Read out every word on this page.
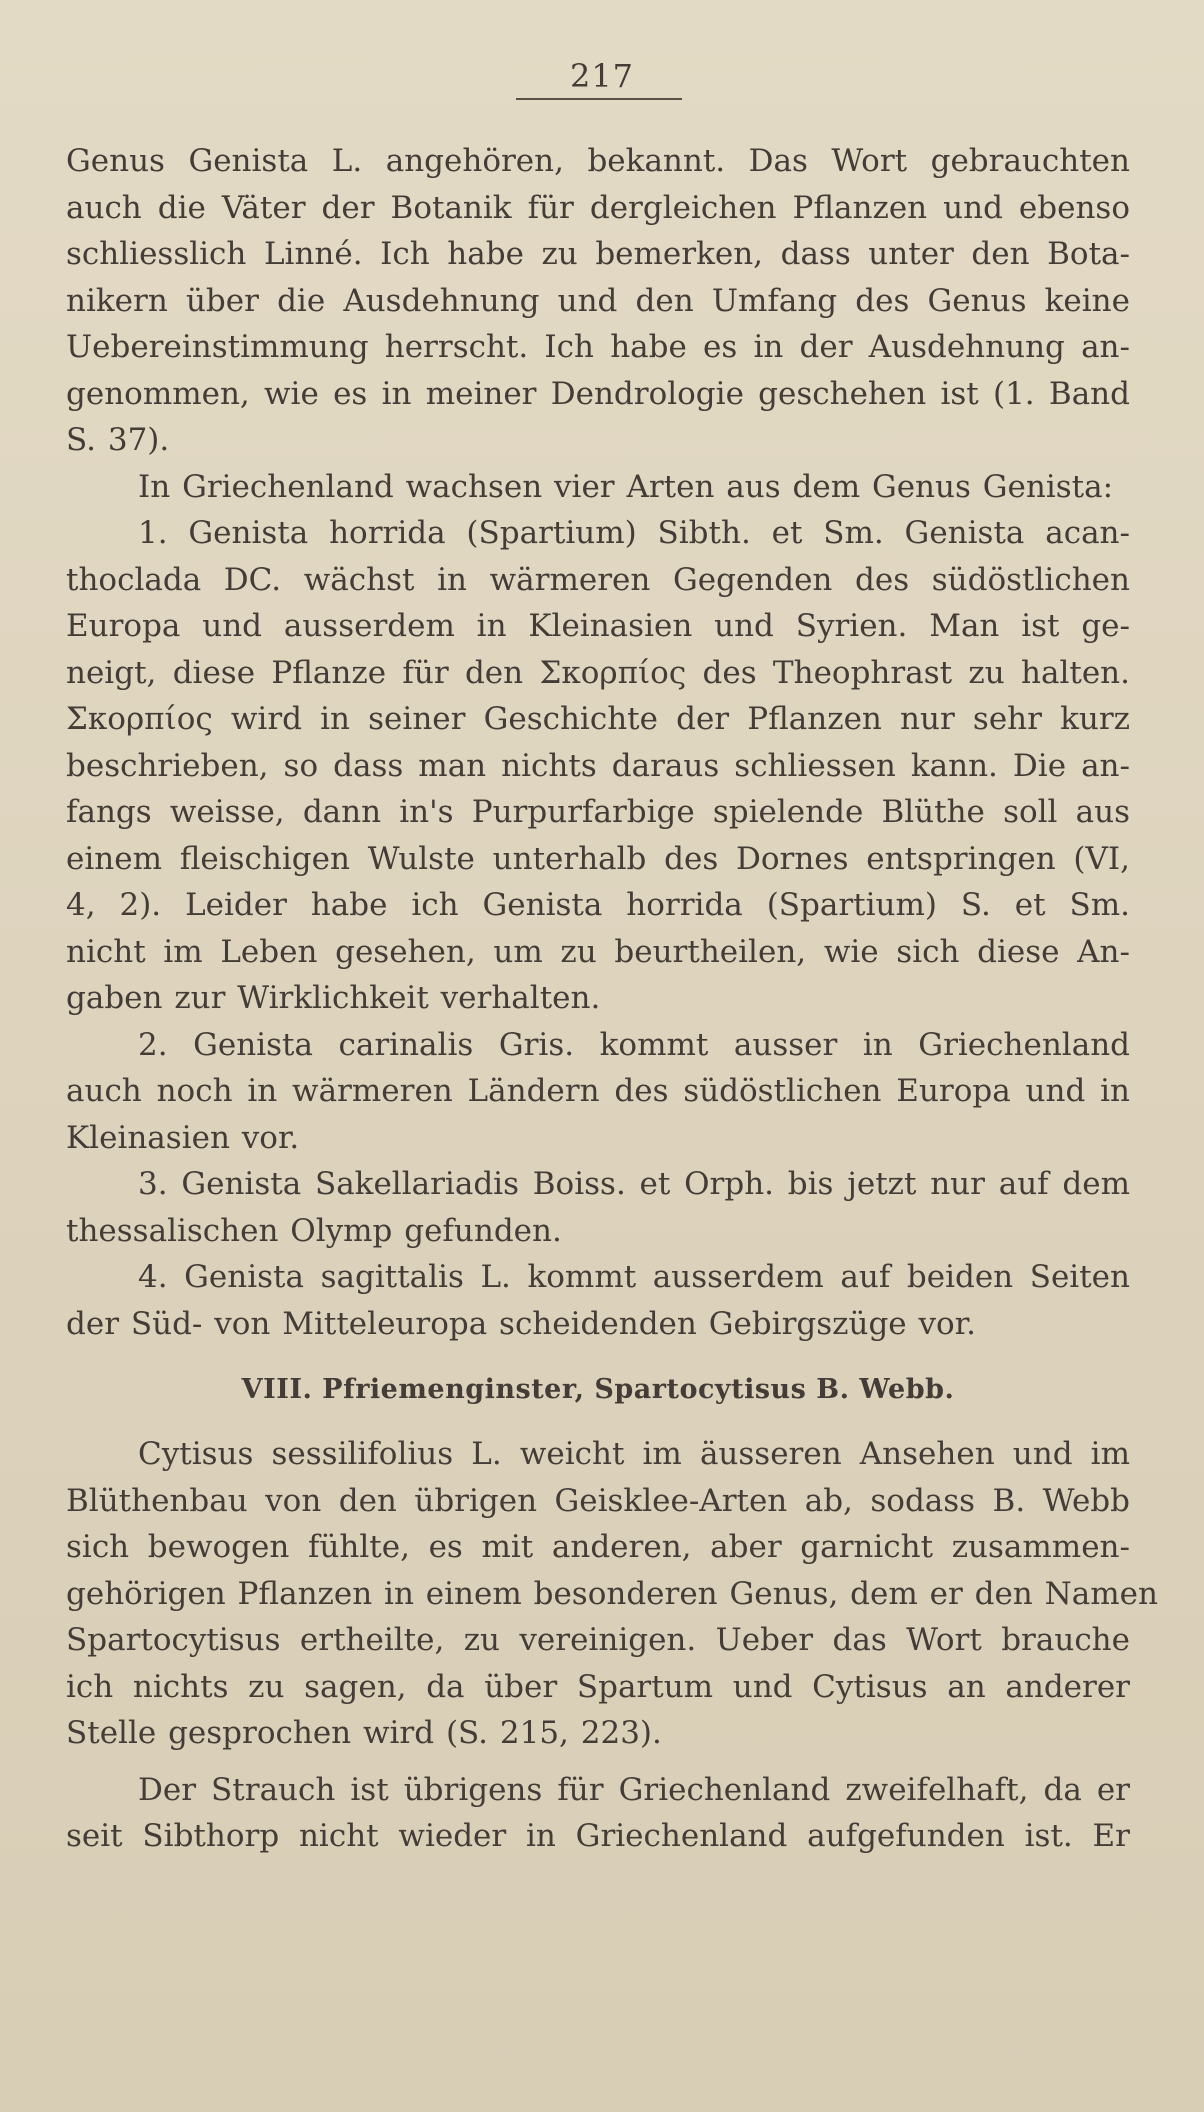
217
Genus Genista L. angehören, bekannt. Das Wort gebrauchten
auch die Väter der Botanik für dergleichen Pflanzen und ebenso
schliesslich Linné. Ich habe zu bemerken, dass unter den Bota-
nikern über die Ausdehnung und den Umfang des Genus keine
Uebereinstimmung herrscht. Ich habe es in der Ausdehnung an-
genommen, wie es in meiner Dendrologie geschehen ist (1. Band
S. 37).
In Griechenland wachsen vier Arten aus dem Genus Genista:
1. Genista horrida (Spartium) Sibth. et Sm. Genista acan-
thoclada DC. wächst in wärmeren Gegenden des südöstlichen
Europa und ausserdem in Kleinasien und Syrien. Man ist ge-
neigt, diese Pflanze für den Σκορπίος des Theophrast zu halten.
Σκορπίος wird in seiner Geschichte der Pflanzen nur sehr kurz
beschrieben, so dass man nichts daraus schliessen kann. Die an-
fangs weisse, dann in's Purpurfarbige spielende Blüthe soll aus
einem fleischigen Wulste unterhalb des Dornes entspringen (VI,
4, 2). Leider habe ich Genista horrida (Spartium) S. et Sm.
nicht im Leben gesehen, um zu beurtheilen, wie sich diese An-
gaben zur Wirklichkeit verhalten.
2. Genista carinalis Gris. kommt ausser in Griechenland
auch noch in wärmeren Ländern des südöstlichen Europa und in
Kleinasien vor.
3. Genista Sakellariadis Boiss. et Orph. bis jetzt nur auf dem
thessalischen Olymp gefunden.
4. Genista sagittalis L. kommt ausserdem auf beiden Seiten
der Süd- von Mitteleuropa scheidenden Gebirgszüge vor.
VIII. Pfriemenginster, Spartocytisus B. Webb.
Cytisus sessilifolius L. weicht im äusseren Ansehen und im
Blüthenbau von den übrigen Geisklee-Arten ab, sodass B. Webb
sich bewogen fühlte, es mit anderen, aber garnicht zusammen-
gehörigen Pflanzen in einem besonderen Genus, dem er den Namen
Spartocytisus ertheilte, zu vereinigen. Ueber das Wort brauche
ich nichts zu sagen, da über Spartum und Cytisus an anderer
Stelle gesprochen wird (S. 215, 223).
Der Strauch ist übrigens für Griechenland zweifelhaft, da er
seit Sibthorp nicht wieder in Griechenland aufgefunden ist. Er
